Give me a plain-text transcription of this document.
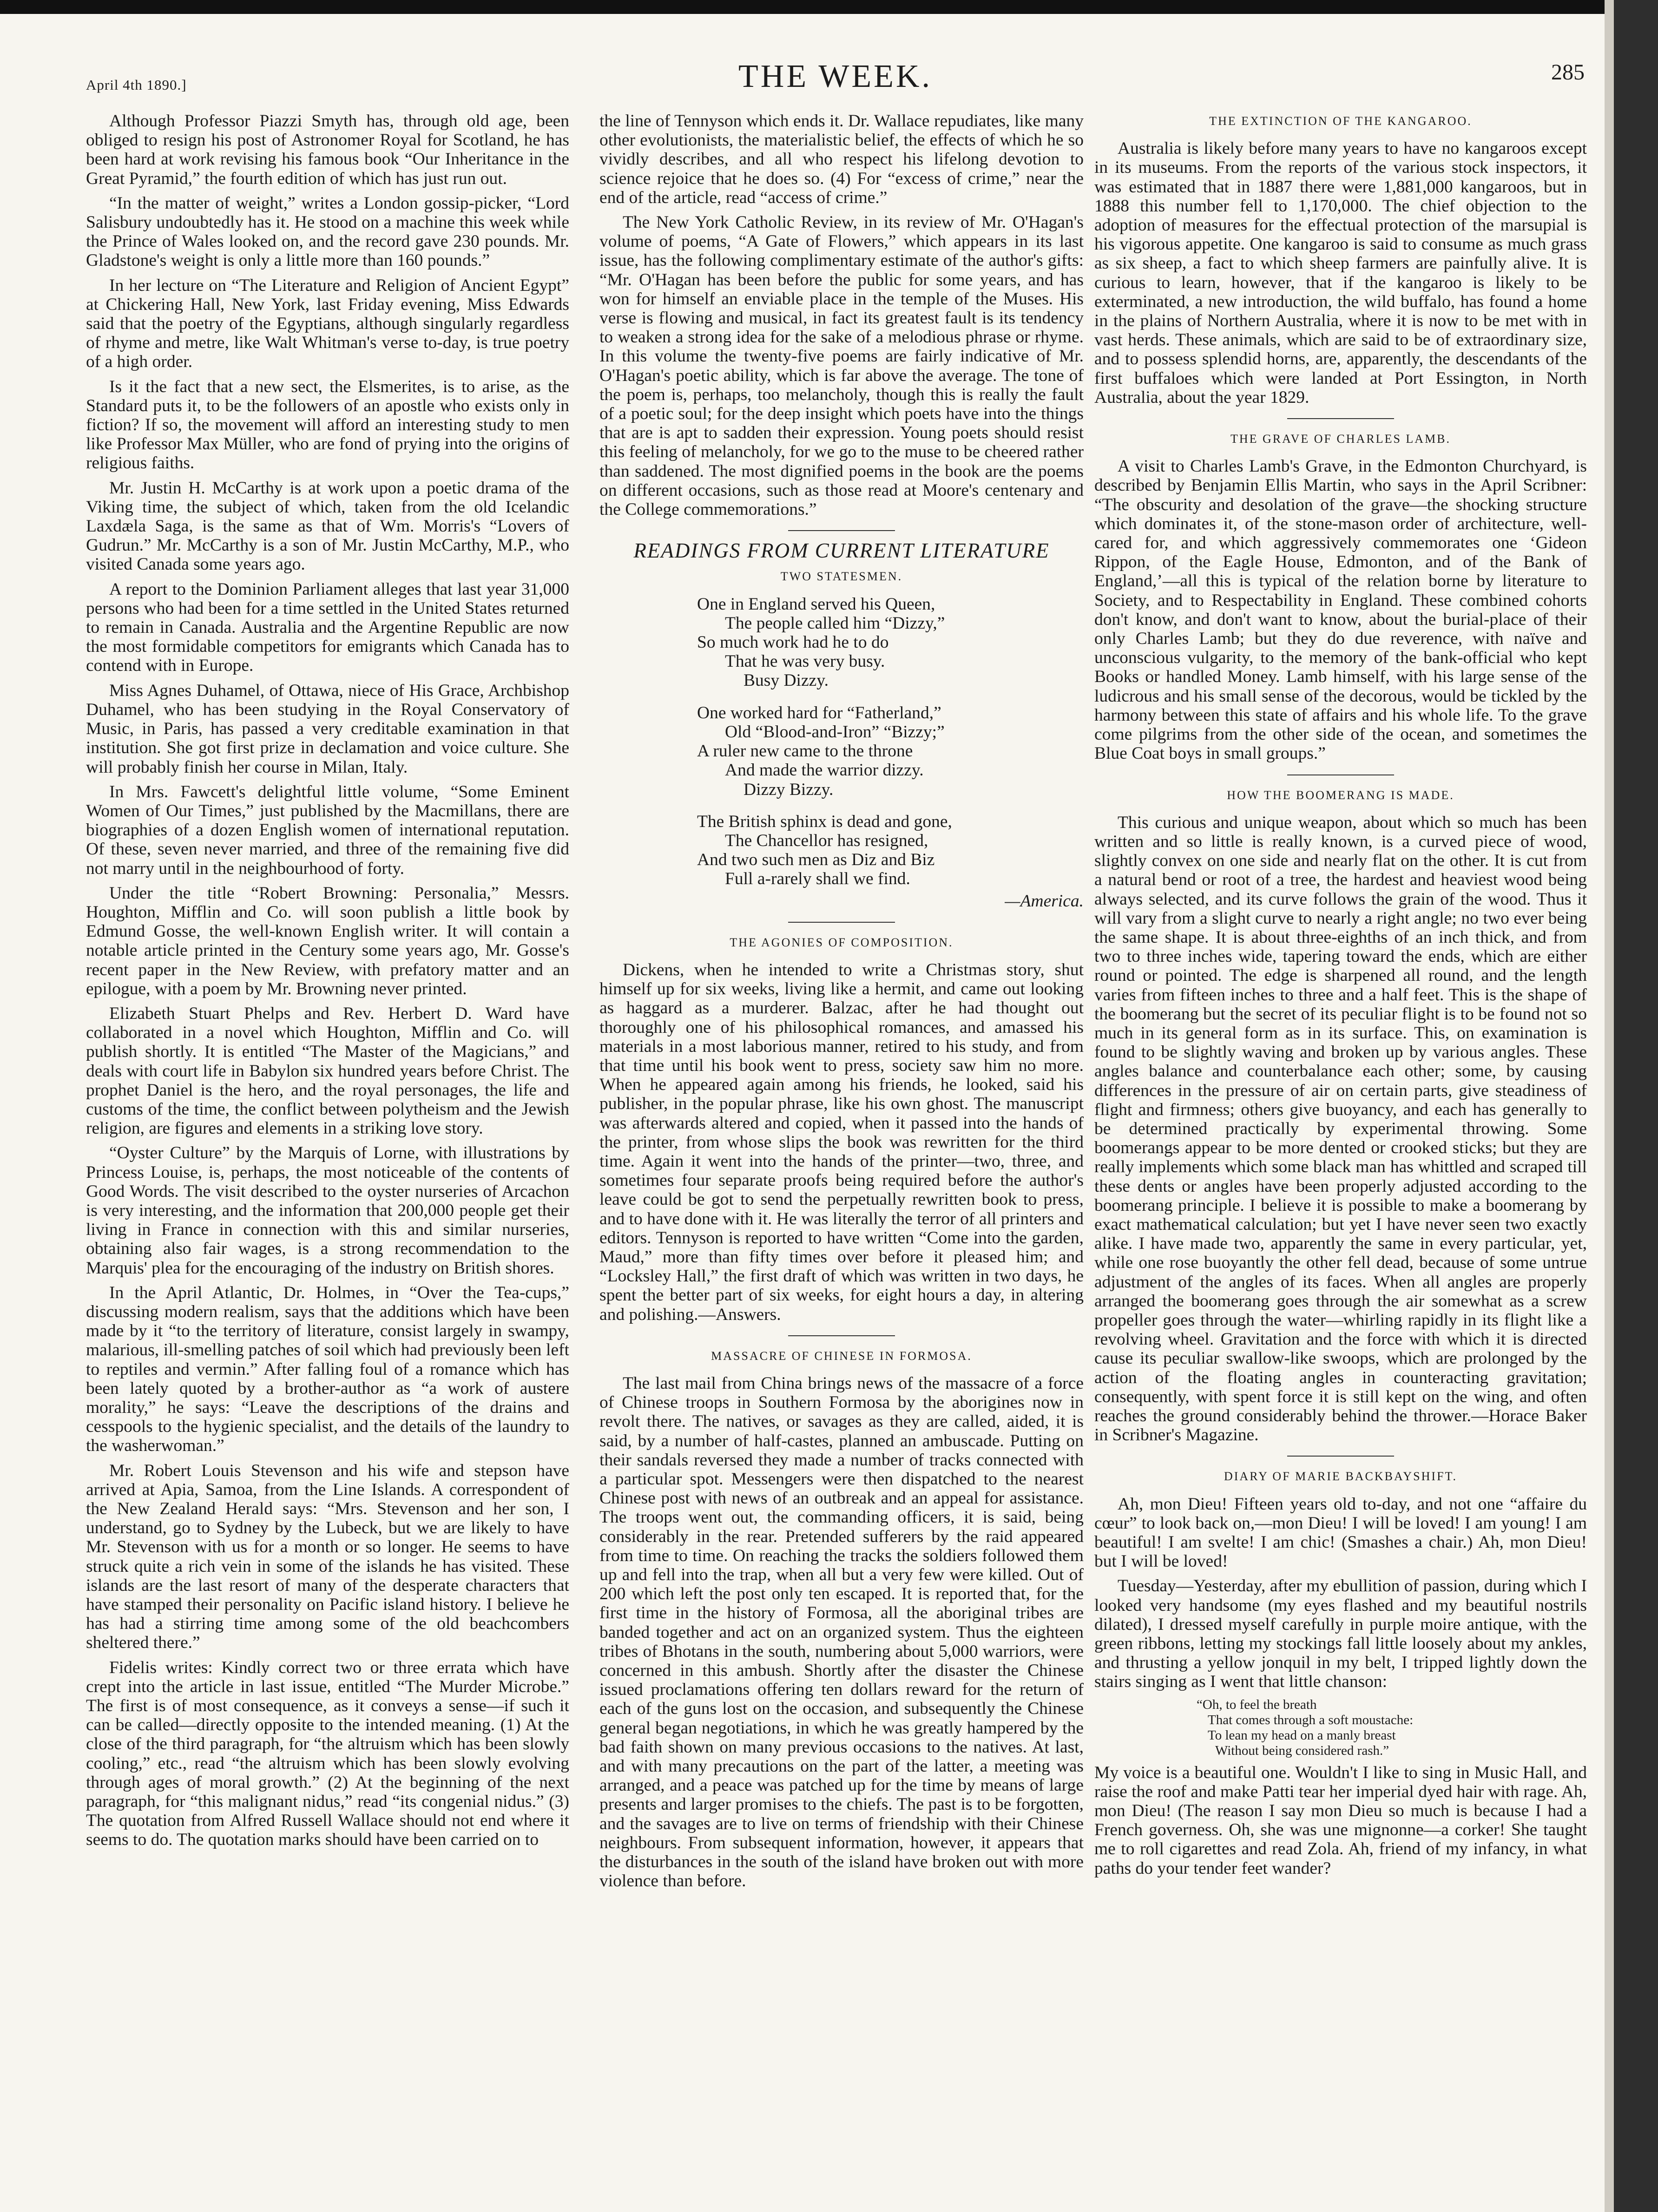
April 4th 1890.]	THE WEEK.	285

Although Professor Piazzi Smyth has, through old age, been obliged to resign his post of Astronomer Royal for Scotland, he has been hard at work revising his famous book “Our Inheritance in the Great Pyramid,” the fourth edition of which has just run out.

“In the matter of weight,” writes a London gossip-picker, “Lord Salisbury undoubtedly has it. He stood on a machine this week while the Prince of Wales looked on, and the record gave 230 pounds. Mr. Gladstone's weight is only a little more than 160 pounds.”

In her lecture on “The Literature and Religion of Ancient Egypt” at Chickering Hall, New York, last Friday evening, Miss Edwards said that the poetry of the Egyptians, although singularly regardless of rhyme and metre, like Walt Whitman's verse to-day, is true poetry of a high order.

Is it the fact that a new sect, the Elsmerites, is to arise, as the Standard puts it, to be the followers of an apostle who exists only in fiction? If so, the movement will afford an interesting study to men like Professor Max Müller, who are fond of prying into the origins of religious faiths.

Mr. Justin H. McCarthy is at work upon a poetic drama of the Viking time, the subject of which, taken from the old Icelandic Laxdæla Saga, is the same as that of Wm. Morris's “Lovers of Gudrun.” Mr. McCarthy is a son of Mr. Justin McCarthy, M.P., who visited Canada some years ago.

A report to the Dominion Parliament alleges that last year 31,000 persons who had been for a time settled in the United States returned to remain in Canada. Australia and the Argentine Republic are now the most formidable competitors for emigrants which Canada has to contend with in Europe.

Miss Agnes Duhamel, of Ottawa, niece of His Grace, Archbishop Duhamel, who has been studying in the Royal Conservatory of Music, in Paris, has passed a very creditable examination in that institution. She got first prize in declamation and voice culture. She will probably finish her course in Milan, Italy.

In Mrs. Fawcett's delightful little volume, “Some Eminent Women of Our Times,” just published by the Macmillans, there are biographies of a dozen English women of international reputation. Of these, seven never married, and three of the remaining five did not marry until in the neighbourhood of forty.

Under the title “Robert Browning: Personalia,” Messrs. Houghton, Mifflin and Co. will soon publish a little book by Edmund Gosse, the well-known English writer. It will contain a notable article printed in the Century some years ago, Mr. Gosse's recent paper in the New Review, with prefatory matter and an epilogue, with a poem by Mr. Browning never printed.

Elizabeth Stuart Phelps and Rev. Herbert D. Ward have collaborated in a novel which Houghton, Mifflin and Co. will publish shortly. It is entitled “The Master of the Magicians,” and deals with court life in Babylon six hundred years before Christ. The prophet Daniel is the hero, and the royal personages, the life and customs of the time, the conflict between polytheism and the Jewish religion, are figures and elements in a striking love story.

“Oyster Culture” by the Marquis of Lorne, with illustrations by Princess Louise, is, perhaps, the most noticeable of the contents of Good Words. The visit described to the oyster nurseries of Arcachon is very interesting, and the information that 200,000 people get their living in France in connection with this and similar nurseries, obtaining also fair wages, is a strong recommendation to the Marquis' plea for the encouraging of the industry on British shores.

In the April Atlantic, Dr. Holmes, in “Over the Tea-cups,” discussing modern realism, says that the additions which have been made by it “to the territory of literature, consist largely in swampy, malarious, ill-smelling patches of soil which had previously been left to reptiles and vermin.” After falling foul of a romance which has been lately quoted by a brother-author as “a work of austere morality,” he says: “Leave the descriptions of the drains and cesspools to the hygienic specialist, and the details of the laundry to the washerwoman.”

Mr. Robert Louis Stevenson and his wife and stepson have arrived at Apia, Samoa, from the Line Islands. A correspondent of the New Zealand Herald says: “Mrs. Stevenson and her son, I understand, go to Sydney by the Lubeck, but we are likely to have Mr. Stevenson with us for a month or so longer. He seems to have struck quite a rich vein in some of the islands he has visited. These islands are the last resort of many of the desperate characters that have stamped their personality on Pacific island history. I believe he has had a stirring time among some of the old beachcombers sheltered there.”

Fidelis writes: Kindly correct two or three errata which have crept into the article in last issue, entitled “The Murder Microbe.” The first is of most consequence, as it conveys a sense—if such it can be called—directly opposite to the intended meaning. (1) At the close of the third paragraph, for “the altruism which has been slowly cooling,” etc., read “the altruism which has been slowly evolving through ages of moral growth.” (2) At the beginning of the next paragraph, for “this malignant nidus,” read “its congenial nidus.” (3) The quotation from Alfred Russell Wallace should not end where it seems to do. The quotation marks should have been carried on to

the line of Tennyson which ends it. Dr. Wallace repudiates, like many other evolutionists, the materialistic belief, the effects of which he so vividly describes, and all who respect his lifelong devotion to science rejoice that he does so. (4) For “excess of crime,” near the end of the article, read “access of crime.”

The New York Catholic Review, in its review of Mr. O'Hagan's volume of poems, “A Gate of Flowers,” which appears in its last issue, has the following complimentary estimate of the author's gifts: “Mr. O'Hagan has been before the public for some years, and has won for himself an enviable place in the temple of the Muses. His verse is flowing and musical, in fact its greatest fault is its tendency to weaken a strong idea for the sake of a melodious phrase or rhyme. In this volume the twenty-five poems are fairly indicative of Mr. O'Hagan's poetic ability, which is far above the average. The tone of the poem is, perhaps, too melancholy, though this is really the fault of a poetic soul; for the deep insight which poets have into the things that are is apt to sadden their expression. Young poets should resist this feeling of melancholy, for we go to the muse to be cheered rather than saddened. The most dignified poems in the book are the poems on different occasions, such as those read at Moore's centenary and the College commemorations.”

READINGS FROM CURRENT LITERATURE
TWO STATESMEN.
One in England served his Queen,
The people called him “Dizzy,”
So much work had he to do
That he was very busy.
Busy Dizzy.
One worked hard for “Fatherland,”
Old “Blood-and-Iron” “Bizzy;”
A ruler new came to the throne
And made the warrior dizzy.
Dizzy Bizzy.
The British sphinx is dead and gone,
The Chancellor has resigned,
And two such men as Diz and Biz
Full a-rarely shall we find.
—America.
THE AGONIES OF COMPOSITION.

Dickens, when he intended to write a Christmas story, shut himself up for six weeks, living like a hermit, and came out looking as haggard as a murderer. Balzac, after he had thought out thoroughly one of his philosophical romances, and amassed his materials in a most laborious manner, retired to his study, and from that time until his book went to press, society saw him no more. When he appeared again among his friends, he looked, said his publisher, in the popular phrase, like his own ghost. The manuscript was afterwards altered and copied, when it passed into the hands of the printer, from whose slips the book was rewritten for the third time. Again it went into the hands of the printer—two, three, and sometimes four separate proofs being required before the author's leave could be got to send the perpetually rewritten book to press, and to have done with it. He was literally the terror of all printers and editors. Tennyson is reported to have written “Come into the garden, Maud,” more than fifty times over before it pleased him; and “Locksley Hall,” the first draft of which was written in two days, he spent the better part of six weeks, for eight hours a day, in altering and polishing.—Answers.

MASSACRE OF CHINESE IN FORMOSA.

The last mail from China brings news of the massacre of a force of Chinese troops in Southern Formosa by the aborigines now in revolt there. The natives, or savages as they are called, aided, it is said, by a number of half-castes, planned an ambuscade. Putting on their sandals reversed they made a number of tracks connected with a particular spot. Messengers were then dispatched to the nearest Chinese post with news of an outbreak and an appeal for assistance. The troops went out, the commanding officers, it is said, being considerably in the rear. Pretended sufferers by the raid appeared from time to time. On reaching the tracks the soldiers followed them up and fell into the trap, when all but a very few were killed. Out of 200 which left the post only ten escaped. It is reported that, for the first time in the history of Formosa, all the aboriginal tribes are banded together and act on an organized system. Thus the eighteen tribes of Bhotans in the south, numbering about 5,000 warriors, were concerned in this ambush. Shortly after the disaster the Chinese issued proclamations offering ten dollars reward for the return of each of the guns lost on the occasion, and subsequently the Chinese general began negotiations, in which he was greatly hampered by the bad faith shown on many previous occasions to the natives. At last, and with many precautions on the part of the latter, a meeting was arranged, and a peace was patched up for the time by means of large presents and larger promises to the chiefs. The past is to be forgotten, and the savages are to live on terms of friendship with their Chinese neighbours. From subsequent information, however, it appears that the disturbances in the south of the island have broken out with more violence than before.

THE EXTINCTION OF THE KANGAROO.

Australia is likely before many years to have no kangaroos except in its museums. From the reports of the various stock inspectors, it was estimated that in 1887 there were 1,881,000 kangaroos, but in 1888 this number fell to 1,170,000. The chief objection to the adoption of measures for the effectual protection of the marsupial is his vigorous appetite. One kangaroo is said to consume as much grass as six sheep, a fact to which sheep farmers are painfully alive. It is curious to learn, however, that if the kangaroo is likely to be exterminated, a new introduction, the wild buffalo, has found a home in the plains of Northern Australia, where it is now to be met with in vast herds. These animals, which are said to be of extraordinary size, and to possess splendid horns, are, apparently, the descendants of the first buffaloes which were landed at Port Essington, in North Australia, about the year 1829.

THE GRAVE OF CHARLES LAMB.

A visit to Charles Lamb's Grave, in the Edmonton Churchyard, is described by Benjamin Ellis Martin, who says in the April Scribner: “The obscurity and desolation of the grave—the shocking structure which dominates it, of the stone-mason order of architecture, well-cared for, and which aggressively commemorates one ‘Gideon Rippon, of the Eagle House, Edmonton, and of the Bank of England,’—all this is typical of the relation borne by literature to Society, and to Respectability in England. These combined cohorts don't know, and don't want to know, about the burial-place of their only Charles Lamb; but they do due reverence, with naïve and unconscious vulgarity, to the memory of the bank-official who kept Books or handled Money. Lamb himself, with his large sense of the ludicrous and his small sense of the decorous, would be tickled by the harmony between this state of affairs and his whole life. To the grave come pilgrims from the other side of the ocean, and sometimes the Blue Coat boys in small groups.”

HOW THE BOOMERANG IS MADE.

This curious and unique weapon, about which so much has been written and so little is really known, is a curved piece of wood, slightly convex on one side and nearly flat on the other. It is cut from a natural bend or root of a tree, the hardest and heaviest wood being always selected, and its curve follows the grain of the wood. Thus it will vary from a slight curve to nearly a right angle; no two ever being the same shape. It is about three-eighths of an inch thick, and from two to three inches wide, tapering toward the ends, which are either round or pointed. The edge is sharpened all round, and the length varies from fifteen inches to three and a half feet. This is the shape of the boomerang but the secret of its peculiar flight is to be found not so much in its general form as in its surface. This, on examination is found to be slightly waving and broken up by various angles. These angles balance and counterbalance each other; some, by causing differences in the pressure of air on certain parts, give steadiness of flight and firmness; others give buoyancy, and each has generally to be determined practically by experimental throwing. Some boomerangs appear to be more dented or crooked sticks; but they are really implements which some black man has whittled and scraped till these dents or angles have been properly adjusted according to the boomerang principle. I believe it is possible to make a boomerang by exact mathematical calculation; but yet I have never seen two exactly alike. I have made two, apparently the same in every particular, yet, while one rose buoyantly the other fell dead, because of some untrue adjustment of the angles of its faces. When all angles are properly arranged the boomerang goes through the air somewhat as a screw propeller goes through the water—whirling rapidly in its flight like a revolving wheel. Gravitation and the force with which it is directed cause its peculiar swallow-like swoops, which are prolonged by the action of the floating angles in counteracting gravitation; consequently, with spent force it is still kept on the wing, and often reaches the ground considerably behind the thrower.—Horace Baker in Scribner's Magazine.

DIARY OF MARIE BACKBAYSHIFT.

Ah, mon Dieu! Fifteen years old to-day, and not one “affaire du cœur” to look back on,—mon Dieu! I will be loved! I am young! I am beautiful! I am svelte! I am chic! (Smashes a chair.) Ah, mon Dieu! but I will be loved!

Tuesday—Yesterday, after my ebullition of passion, during which I looked very handsome (my eyes flashed and my beautiful nostrils dilated), I dressed myself carefully in purple moire antique, with the green ribbons, letting my stockings fall little loosely about my ankles, and thrusting a yellow jonquil in my belt, I tripped lightly down the stairs singing as I went that little chanson:

“Oh, to feel the breath
That comes through a soft moustache:
To lean my head on a manly breast
Without being considered rash.”

My voice is a beautiful one. Wouldn't I like to sing in Music Hall, and raise the roof and make Patti tear her imperial dyed hair with rage. Ah, mon Dieu! (The reason I say mon Dieu so much is because I had a French governess. Oh, she was une mignonne—a corker! She taught me to roll cigarettes and read Zola. Ah, friend of my infancy, in what paths do your tender feet wander?
